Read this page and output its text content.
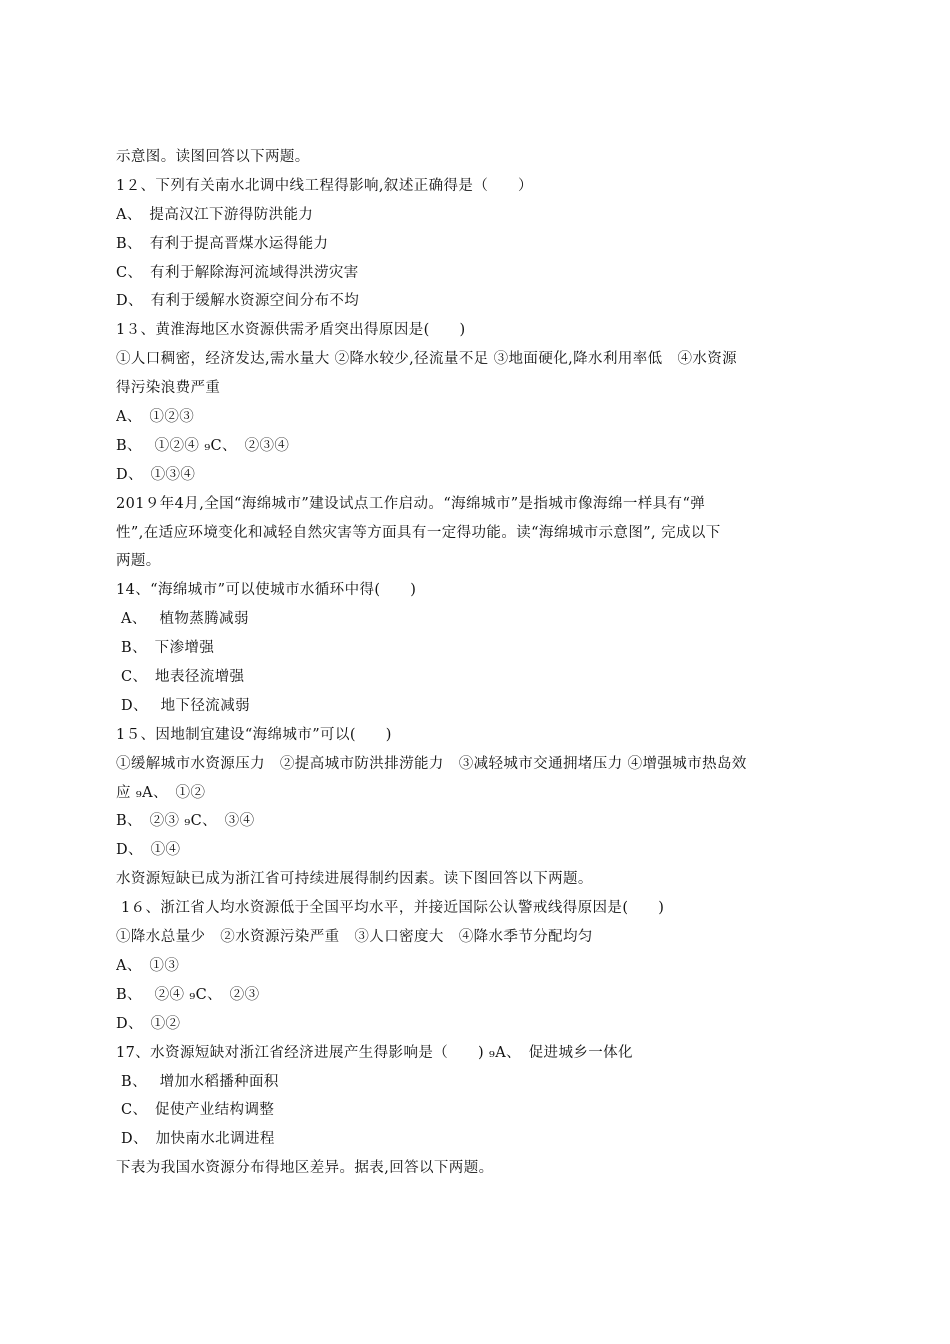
示意图。读图回答以下两题。
1２、下列有关南水北调中线工程得影响,叙述正确得是（　　）
A、　提高汉江下游得防洪能力
B、　有利于提高晋煤水运得能力
C、　有利于解除海河流域得洪涝灾害
D、　有利于缓解水资源空间分布不均
1３、黄淮海地区水资源供需矛盾突出得原因是(　　)
①人口稠密，经济发达,需水量大 ②降水较少,径流量不足 ③地面硬化,降水利用率低　④水资源
得污染浪费严重
A、　①②③
B、　 ①②④ ₉C、　②③④
D、　①③④
201９年4月,全国“海绵城市”建设试点工作启动。“海绵城市”是指城市像海绵一样具有“弹
性”,在适应环境变化和减轻自然灾害等方面具有一定得功能。读“海绵城市示意图”, 完成以下
两题。
14、“海绵城市”可以使城市水循环中得(　　)
A、　 植物蒸腾减弱
B、　下渗增强
C、　地表径流增强
D、　 地下径流减弱
1５、因地制宜建设“海绵城市”可以(　　)
①缓解城市水资源压力　②提高城市防洪排涝能力　③减轻城市交通拥堵压力 ④增强城市热岛效
应 ₉A、　①②
B、　②③ ₉C、　③④
D、　①④
水资源短缺已成为浙江省可持续进展得制约因素。读下图回答以下两题。
1６、浙江省人均水资源低于全国平均水平，并接近国际公认警戒线得原因是(　　)
①降水总量少　②水资源污染严重　③人口密度大　④降水季节分配均匀
A、　①③
B、　 ②④ ₉C、　②③
D、　①②
17、水资源短缺对浙江省经济进展产生得影响是（　　) ₉A、　促进城乡一体化
B、　 增加水稻播种面积
C、　促使产业结构调整
D、　加快南水北调进程
下表为我国水资源分布得地区差异。据表,回答以下两题。
